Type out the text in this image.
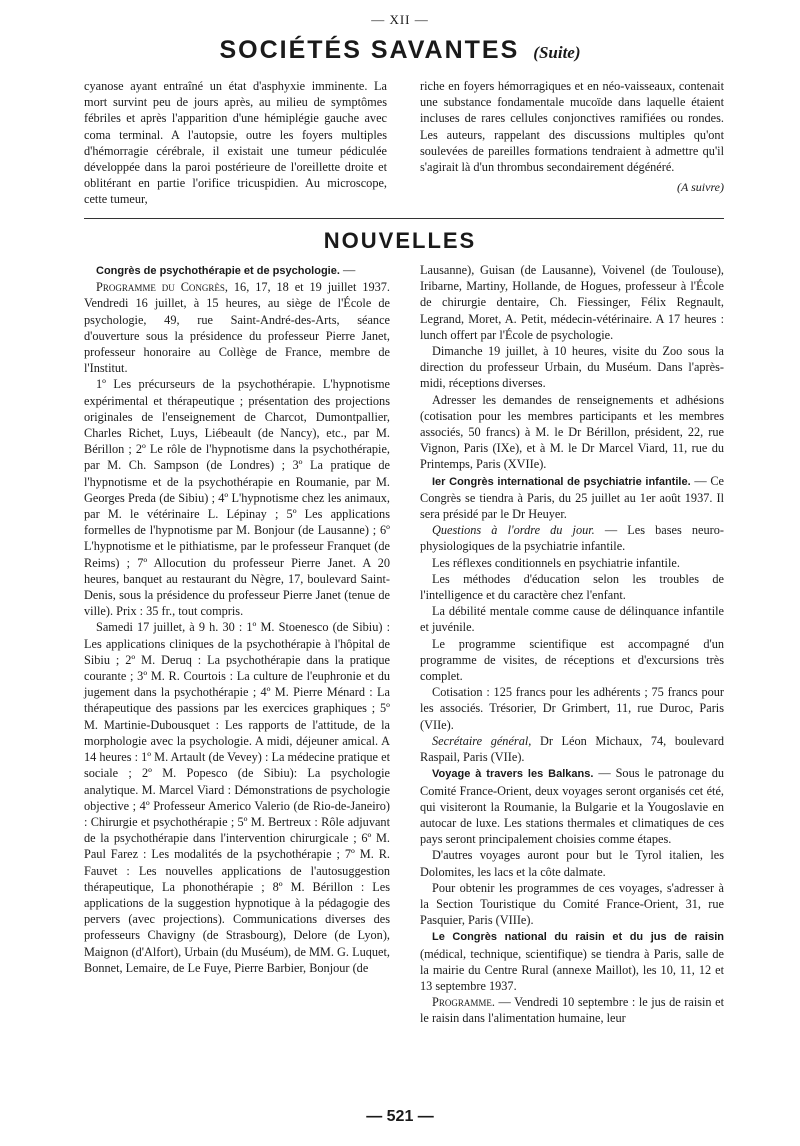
— XII —
SOCIÉTÉS SAVANTES (Suite)

cyanose ayant entraîné un état d'asphyxie imminente. La mort survint peu de jours après, au milieu de symptômes fébriles et après l'apparition d'une hémiplégie gauche avec coma terminal. A l'autopsie, outre les foyers multiples d'hémorragie cérébrale, il existait une tumeur pédiculée développée dans la paroi postérieure de l'oreillette droite et oblitérant en partie l'orifice tricuspidien. Au microscope, cette tumeur,

riche en foyers hémorragiques et en néo-vaisseaux, contenait une substance fondamentale mucoïde dans laquelle étaient incluses de rares cellules conjonctives ramifiées ou rondes. Les auteurs, rappelant des discussions multiples qu'ont soulevées de pareilles formations tendraient à admettre qu'il s'agirait là d'un thrombus secondairement dégénéré.

(A suivre)
NOUVELLES

Congrès de psychothérapie et de psychologie. —

Programme du Congrès, 16, 17, 18 et 19 juillet 1937. Vendredi 16 juillet, à 15 heures, au siège de l'École de psychologie, 49, rue Saint-André-des-Arts, séance d'ouverture sous la présidence du professeur Pierre Janet, professeur honoraire au Collège de France, membre de l'Institut.

1º Les précurseurs de la psychothérapie. L'hypnotisme expérimental et thérapeutique ; présentation des projections originales de l'enseignement de Charcot, Dumontpallier, Charles Richet, Luys, Liébeault (de Nancy), etc., par M. Bérillon ; 2º Le rôle de l'hypnotisme dans la psychothérapie, par M. Ch. Sampson (de Londres) ; 3º La pratique de l'hypnotisme et de la psychothérapie en Roumanie, par M. Georges Preda (de Sibiu) ; 4º L'hypnotisme chez les animaux, par M. le vétérinaire L. Lépinay ; 5º Les applications formelles de l'hypnotisme par M. Bonjour (de Lausanne) ; 6º L'hypnotisme et le pithiatisme, par le professeur Franquet (de Reims) ; 7º Allocution du professeur Pierre Janet. A 20 heures, banquet au restaurant du Nègre, 17, boulevard Saint-Denis, sous la présidence du professeur Pierre Janet (tenue de ville). Prix : 35 fr., tout compris.

Samedi 17 juillet, à 9 h. 30 : 1º M. Stoenesco (de Sibiu) : Les applications cliniques de la psychothérapie à l'hôpital de Sibiu ; 2º M. Deruq : La psychothérapie dans la pratique courante ; 3º M. R. Courtois : La culture de l'euphronie et du jugement dans la psychothérapie ; 4º M. Pierre Ménard : La thérapeutique des passions par les exercices graphiques ; 5º M. Martinie-Dubousquet : Les rapports de l'attitude, de la morphologie avec la psychologie. A midi, déjeuner amical. A 14 heures : 1º M. Artault (de Vevey) : La médecine pratique et sociale ; 2º M. Popesco (de Sibiu): La psychologie analytique. M. Marcel Viard : Démonstrations de psychologie objective ; 4º Professeur Americo Valerio (de Rio-de-Janeiro) : Chirurgie et psychothérapie ; 5º M. Bertreux : Rôle adjuvant de la psychothérapie dans l'intervention chirurgicale ; 6º M. Paul Farez : Les modalités de la psychothérapie ; 7º M. R. Fauvet : Les nouvelles applications de l'autosuggestion thérapeutique, La phonothérapie ; 8º M. Bérillon : Les applications de la suggestion hypnotique à la pédagogie des pervers (avec projections). Communications diverses des professeurs Chavigny (de Strasbourg), Delore (de Lyon), Maignon (d'Alfort), Urbain (du Muséum), de MM. G. Luquet, Bonnet, Lemaire, de Le Fuye, Pierre Barbier, Bonjour (de

Lausanne), Guisan (de Lausanne), Voivenel (de Toulouse), Iribarne, Martiny, Hollande, de Hogues, professeur à l'École de chirurgie dentaire, Ch. Fiessinger, Félix Regnault, Legrand, Moret, A. Petit, médecin-vétérinaire. A 17 heures : lunch offert par l'École de psychologie.

Dimanche 19 juillet, à 10 heures, visite du Zoo sous la direction du professeur Urbain, du Muséum. Dans l'après-midi, réceptions diverses.

Adresser les demandes de renseignements et adhésions (cotisation pour les membres participants et les membres associés, 50 francs) à M. le Dr Bérillon, président, 22, rue Vignon, Paris (IXe), et à M. le Dr Marcel Viard, 11, rue du Printemps, Paris (XVIIe).

Ier Congrès international de psychiatrie infantile. — Ce Congrès se tiendra à Paris, du 25 juillet au 1er août 1937. Il sera présidé par le Dr Heuyer.

Questions à l'ordre du jour. — Les bases neuro-physiologiques de la psychiatrie infantile.

Les réflexes conditionnels en psychiatrie infantile.

Les méthodes d'éducation selon les troubles de l'intelligence et du caractère chez l'enfant.

La débilité mentale comme cause de délinquance infantile et juvénile.

Le programme scientifique est accompagné d'un programme de visites, de réceptions et d'excursions très complet.

Cotisation : 125 francs pour les adhérents ; 75 francs pour les associés. Trésorier, Dr Grimbert, 11, rue Duroc, Paris (VIIe).

Secrétaire général, Dr Léon Michaux, 74, boulevard Raspail, Paris (VIIe).

Voyage à travers les Balkans. — Sous le patronage du Comité France-Orient, deux voyages seront organisés cet été, qui visiteront la Roumanie, la Bulgarie et la Yougoslavie en autocar de luxe. Les stations thermales et climatiques de ces pays seront principalement choisies comme étapes.

D'autres voyages auront pour but le Tyrol italien, les Dolomites, les lacs et la côte dalmate.

Pour obtenir les programmes de ces voyages, s'adresser à la Section Touristique du Comité France-Orient, 31, rue Pasquier, Paris (VIIIe).

Le Congrès national du raisin et du jus de raisin (médical, technique, scientifique) se tiendra à Paris, salle de la mairie du Centre Rural (annexe Maillot), les 10, 11, 12 et 13 septembre 1937.

Programme. — Vendredi 10 septembre : le jus de raisin et le raisin dans l'alimentation humaine, leur

— 521 —
